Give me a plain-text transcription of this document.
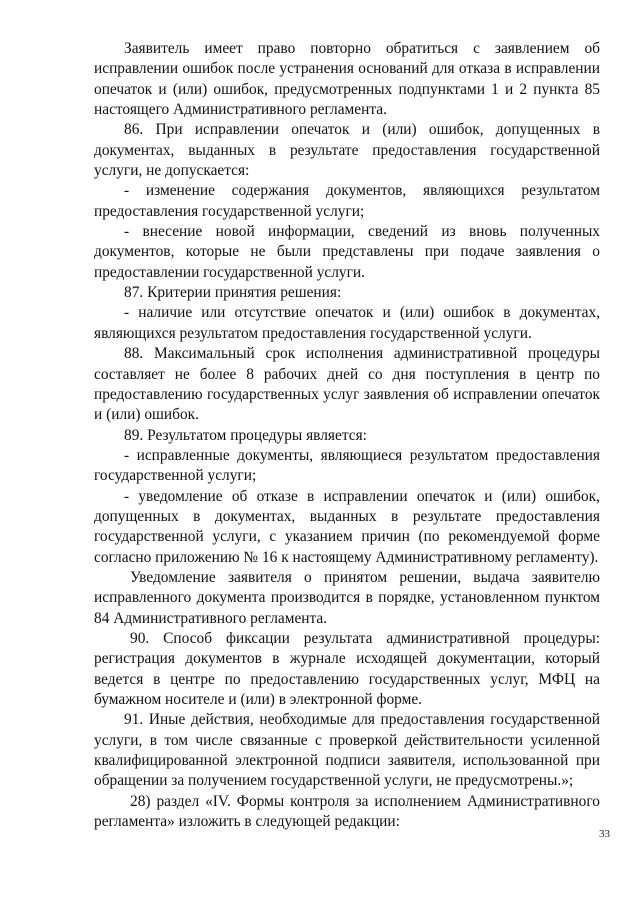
Заявитель имеет право повторно обратиться с заявлением об исправлении ошибок после устранения оснований для отказа в исправлении опечаток и (или) ошибок, предусмотренных подпунктами 1 и 2 пункта 85 настоящего Административного регламента.

86. При исправлении опечаток и (или) ошибок, допущенных в документах, выданных в результате предоставления государственной услуги, не допускается:

- изменение содержания документов, являющихся результатом предоставления государственной услуги;

- внесение новой информации, сведений из вновь полученных документов, которые не были представлены при подаче заявления о предоставлении государственной услуги.

87. Критерии принятия решения:

- наличие или отсутствие опечаток и (или) ошибок в документах, являющихся результатом предоставления государственной услуги.

88. Максимальный срок исполнения административной процедуры составляет не более 8 рабочих дней со дня поступления в центр по предоставлению государственных услуг заявления об исправлении опечаток и (или) ошибок.

89. Результатом процедуры является:

- исправленные документы, являющиеся результатом предоставления государственной услуги;

- уведомление об отказе в исправлении опечаток и (или) ошибок, допущенных в документах, выданных в результате предоставления государственной услуги, с указанием причин (по рекомендуемой форме согласно приложению № 16 к настоящему Административному регламенту).

Уведомление заявителя о принятом решении, выдача заявителю исправленного документа производится в порядке, установленном пунктом 84 Административного регламента.

90. Способ фиксации результата административной процедуры: регистрация документов в журнале исходящей документации, который ведется в центре по предоставлению государственных услуг, МФЦ на бумажном носителе и (или) в электронной форме.

91. Иные действия, необходимые для предоставления государственной услуги, в том числе связанные с проверкой действительности усиленной квалифицированной электронной подписи заявителя, использованной при обращении за получением государственной услуги, не предусмотрены.»;

28) раздел «IV. Формы контроля за исполнением Административного регламента» изложить в следующей редакции:

33
